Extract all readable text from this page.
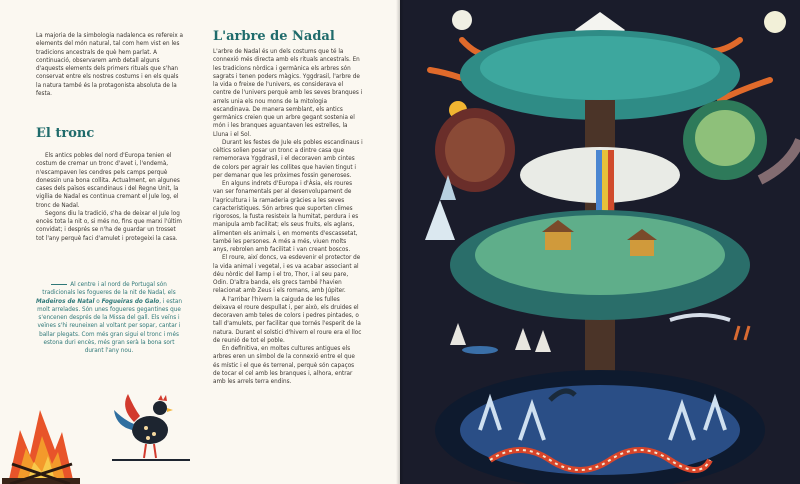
La majoria de la simbologia nadalenca es refereix a elements del món natural, tal com hem vist en les tradicions ancestrals de què hem parlat. A continuació, observarem amb detall alguns d'aquests elements dels primers rituals que s'han conservat entre els nostres costums i en els quals la natura també és la protagonista absoluta de la festa.

El tronc

Els antics pobles del nord d'Europa tenien el costum de cremar un tronc d'avet i, l'endemà, n'escampaven les cendres pels camps perquè donessin una bona collita. Actualment, en algunes cases dels països escandinaus i del Regne Unit, la vigília de Nadal es continua cremant el Jule log, el tronc de Nadal.

Segons diu la tradició, s'ha de deixar el Jule log encès tota la nit o, si més no, fins que marxi l'últim convidat; i després se n'ha de guardar un trosset tot l'any perquè faci d'amulet i protegeixi la casa.

Al centre i al nord de Portugal són tradicionals les fogueres de la nit de Nadal, els Madeiros de Natal o Fogueiras do Galo, i estan molt arrelades. Són unes fogueres gegantines que s'encenen després de la Missa del gall. Els veïns i veïnes s'hi reuneixen al voltant per sopar, cantar i ballar plegats. Com més gran sigui el tronc i més estona duri encès, més gran serà la bona sort durant l'any nou.

L'arbre de Nadal és un dels costums que té la connexió més directa amb els rituals ancestrals. En les tradicions nòrdica i germànica els arbres són sagrats i tenen poders màgics. Yggdrasil, l'arbre de la vida o freixe de l'univers, es considerava el centre de l'univers perquè amb les seves branques i arrels unia els nou mons de la mitologia escandinava. De manera semblant, els antics germànics creien que un arbre gegant sostenia el món i les branques aguantaven les estrelles, la Lluna i el Sol.

Durant les festes de Jule els pobles escandinaus i cèltics solien posar un tronc a dintre casa que rememorava Yggdrasil, i el decoraven amb cintes de colors per agrair les collites que havien tingut i per demanar que les pròximes fossin generoses.

En alguns indrets d'Europa i d'Àsia, els roures van ser fonamentals per al desenvolupament de l'agricultura i la ramaderia gràcies a les seves característiques. Són arbres que suporten climes rigorosos, la fusta resisteix la humitat, perdura i es manipula amb facilitat; els seus fruits, els aglans, alimenten els animals i, en moments d'escassetat, també les persones. A més a més, viuen molts anys, rebrolen amb facilitat i van creant boscos.

El roure, així doncs, va esdevenir el protector de la vida animal i vegetal, i es va acabar associant al déu nòrdic del llamp i el tro, Thor, i al seu pare, Odin. D'altra banda, els grecs també l'havien relacionat amb Zeus i els romans, amb Júpiter.

A l'arribar l'hivern la caiguda de les fulles deixava el roure despullat i, per això, els druides el decoraven amb teles de colors i pedres pintades, o tall d'amulets, per facilitar que tornés l'esperit de la natura. Durant el solstici d'hivern el roure era el lloc de reunió de tot el poble.

En definitiva, en moltes cultures antigues els arbres eren un símbol de la connexió entre el que és místic i el que és terrenal, perquè són capaços de tocar el cel amb les branques i, alhora, entrar amb les arrels terra endins.

L'arbre de Nadal
